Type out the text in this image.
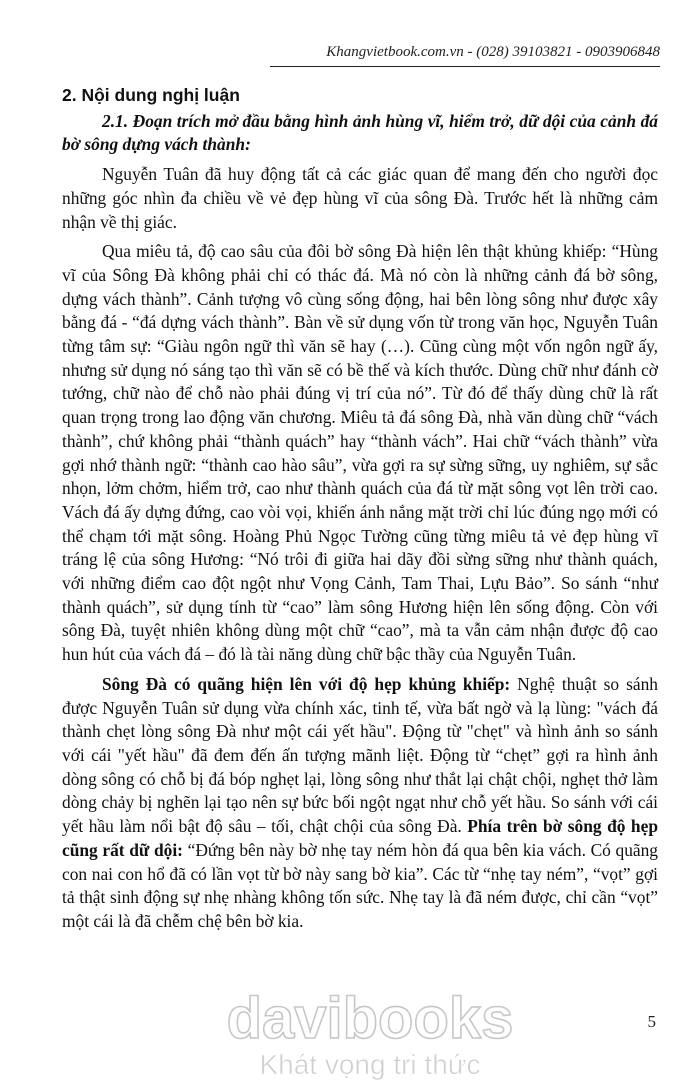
Khangvietbook.com.vn - (028) 39103821 - 0903906848
2. Nội dung nghị luận
2.1. Đoạn trích mở đầu bằng hình ảnh hùng vĩ, hiểm trở, dữ dội của cảnh đá bờ sông dựng vách thành:

Nguyễn Tuân đã huy động tất cả các giác quan để mang đến cho người đọc những góc nhìn đa chiều về vẻ đẹp hùng vĩ của sông Đà. Trước hết là những cảm nhận về thị giác.

Qua miêu tả, độ cao sâu của đôi bờ sông Đà hiện lên thật khủng khiếp: “Hùng vĩ của Sông Đà không phải chỉ có thác đá. Mà nó còn là những cảnh đá bờ sông, dựng vách thành”. Cảnh tượng vô cùng sống động, hai bên lòng sông như được xây bằng đá - “đá dựng vách thành”. Bàn về sử dụng vốn từ trong văn học, Nguyễn Tuân từng tâm sự: “Giàu ngôn ngữ thì văn sẽ hay (…). Cũng cùng một vốn ngôn ngữ ấy, nhưng sử dụng nó sáng tạo thì văn sẽ có bề thế và kích thước. Dùng chữ như đánh cờ tướng, chữ nào để chỗ nào phải đúng vị trí của nó”. Từ đó để thấy dùng chữ là rất quan trọng trong lao động văn chương. Miêu tả đá sông Đà, nhà văn dùng chữ “vách thành”, chứ không phải “thành quách” hay “thành vách”. Hai chữ “vách thành” vừa gợi nhớ thành ngữ: “thành cao hào sâu”, vừa gợi ra sự sừng sững, uy nghiêm, sự sắc nhọn, lởm chởm, hiểm trở, cao như thành quách của đá từ mặt sông vọt lên trời cao. Vách đá ấy dựng đứng, cao vòi vọi, khiến ánh nắng mặt trời chỉ lúc đúng ngọ mới có thể chạm tới mặt sông. Hoàng Phủ Ngọc Tường cũng từng miêu tả vẻ đẹp hùng vĩ tráng lệ của sông Hương: “Nó trôi đi giữa hai dãy đồi sừng sững như thành quách, với những điểm cao đột ngột như Vọng Cảnh, Tam Thai, Lựu Bảo”. So sánh “như thành quách”, sử dụng tính từ “cao” làm sông Hương hiện lên sống động. Còn với sông Đà, tuyệt nhiên không dùng một chữ “cao”, mà ta vẫn cảm nhận được độ cao hun hút của vách đá – đó là tài năng dùng chữ bậc thầy của Nguyễn Tuân.

Sông Đà có quãng hiện lên với độ hẹp khủng khiếp: Nghệ thuật so sánh được Nguyễn Tuân sử dụng vừa chính xác, tinh tế, vừa bất ngờ và lạ lùng: "vách đá thành chẹt lòng sông Đà như một cái yết hầu". Động từ "chẹt" và hình ảnh so sánh với cái "yết hầu" đã đem đến ấn tượng mãnh liệt. Động từ “chẹt” gợi ra hình ảnh dòng sông có chỗ bị đá bóp nghẹt lại, lòng sông như thắt lại chật chội, nghẹt thở làm dòng chảy bị nghẽn lại tạo nên sự bức bối ngột ngạt như chỗ yết hầu. So sánh với cái yết hầu làm nổi bật độ sâu – tối, chật chội của sông Đà. Phía trên bờ sông độ hẹp cũng rất dữ dội: “Đứng bên này bờ nhẹ tay ném hòn đá qua bên kia vách. Có quãng con nai con hổ đã có lần vọt từ bờ này sang bờ kia”. Các từ “nhẹ tay ném”, “vọt” gợi tả thật sinh động sự nhẹ nhàng không tốn sức. Nhẹ tay là đã ném được, chỉ cần “vọt” một cái là đã chễm chệ bên bờ kia.

davibooks
Khát vọng tri thức
5
